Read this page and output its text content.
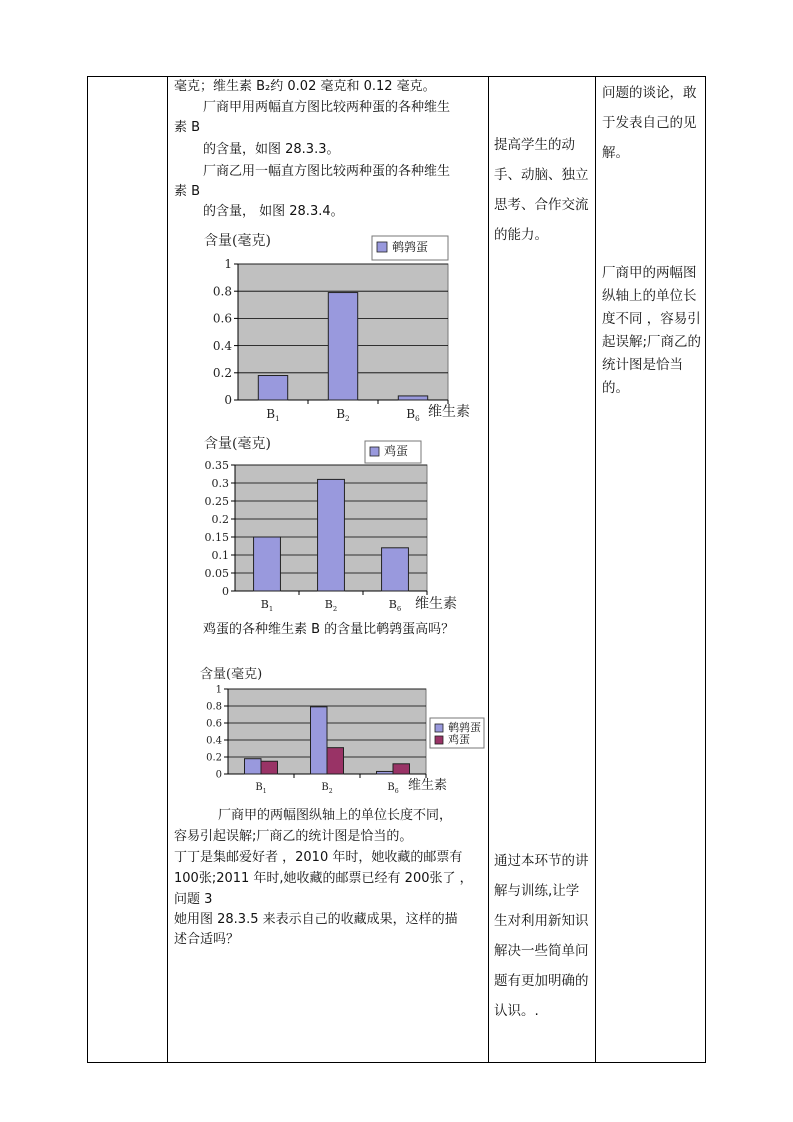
毫克；维生素 B₂约 0.02 毫克和 0.12 毫克。
厂商甲用两幅直方图比较两种蛋的各种维生
素 B
的含量，如图 28.3.3。
厂商乙用一幅直方图比较两种蛋的各种维生
素 B
的含量， 如图 28.3.4。
0
0.2
0.4
0.6
0.8
1
$B_1$	$B_2$	$B_6$
含量(毫克)
维生素
鹌鹑蛋
0
0.05
0.1
0.15
0.2
0.25
0.3
0.35
$B_1$	$B_2$	$B_6$
含量(毫克)
维生素
鸡蛋
鸡蛋的各种维生素 B 的含量比鹌鹑蛋高吗？
0
0.2
0.4
0.6
0.8
1
$B_1$	$B_2$	$B_6$
含量(毫克)
维生素
鹌鹑蛋
鸡蛋
厂商甲的两幅图纵轴上的单位长度不同，
容易引起误解;厂商乙的统计图是恰当的。
丁丁是集邮爱好者 ，2010 年时，她收藏的邮票有
100张;2011 年时,她收藏的邮票已经有 200张了 ，
问题 3
她用图 28.3.5 来表示自己的收藏成果，这样的描
述合适吗？
提高学生的动手、动脑、独立思考、合作交流的能力。
通过本环节的讲解与训练,让学生对利用新知识解决一些简单问题有更加明确的认识。.
问题的谈论，敢于发表自己的见解。
厂商甲的两幅图纵轴上的单位长度不同 ，容易引起误解;厂商乙的统计图是恰当的。
